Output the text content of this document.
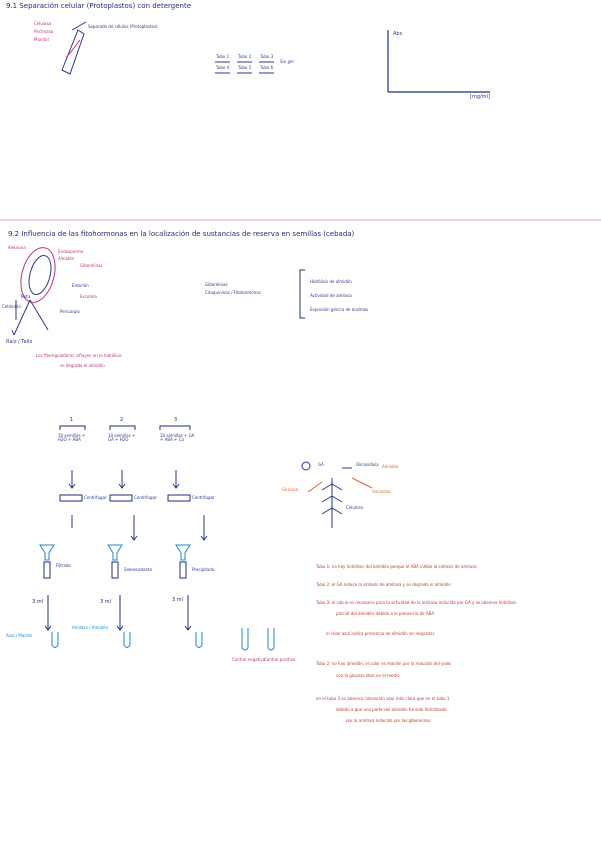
9.1 Separación celular (Protoplastos) con detergente
Separado de células (Protoplastos)
Celulasa
Pectinasa
Manitol
Abs
[mg/ml]
Tubo 1 Tubo 2 Tubo 3
Tubo 4 Tubo 5 Tubo 6
Sin gel
9.2 Influencia de las fitohormonas en la localización de sustancias de reserva en semillas (cebada)
Aleurona
Endospermo
Almidón
Giberelinas
Embrión
Escutelo
Pericarpio
Testa
Cotiledón
Raíz / Tallo
Giberelinas
Citoquininas / Fitohormonas
Hidrólisis de almidón
Actividad de amilasa
Expresión génica de enzimas
Los fitoreguladores influyen en la hidrólisis
se degrada el almidón
1	2	3
10 semillas + H2O + ABA
10 semillas + GA + H2O
10 semillas + GA + ABA + Ca
Centrifugar	Centrifugar	Centrifugar
Filtrado
Sobrenadante	Precipitado
3 ml	3 ml	3 ml
Azul / Marrón
Amilasa / Almidón
Control negativo
Control positivo
GA	Glicosidasa Almidón
Glucosa	Sacarosa
Celulosa
Tubo 1: no hay hidrólisis del almidón porque el ABA inhibe la síntesis de amilasa
Tubo 2: el GA induce la síntesis de amilasa y se degrada el almidón
Tubo 3: el calcio es necesario para la actividad de la amilasa inducida por GA y se observa hidrólisis
parcial del almidón debido a la presencia de ABA
el color azul indica presencia de almidón sin degradar
Tubo 2: no hay almidón, el color es marrón por la reacción del yodo
con la glucosa libre en el medio
en el tubo 3 se observa coloración azul más clara que en el tubo 1
debido a que una parte del almidón ha sido hidrolizada
por la amilasa inducida por las giberelinas
